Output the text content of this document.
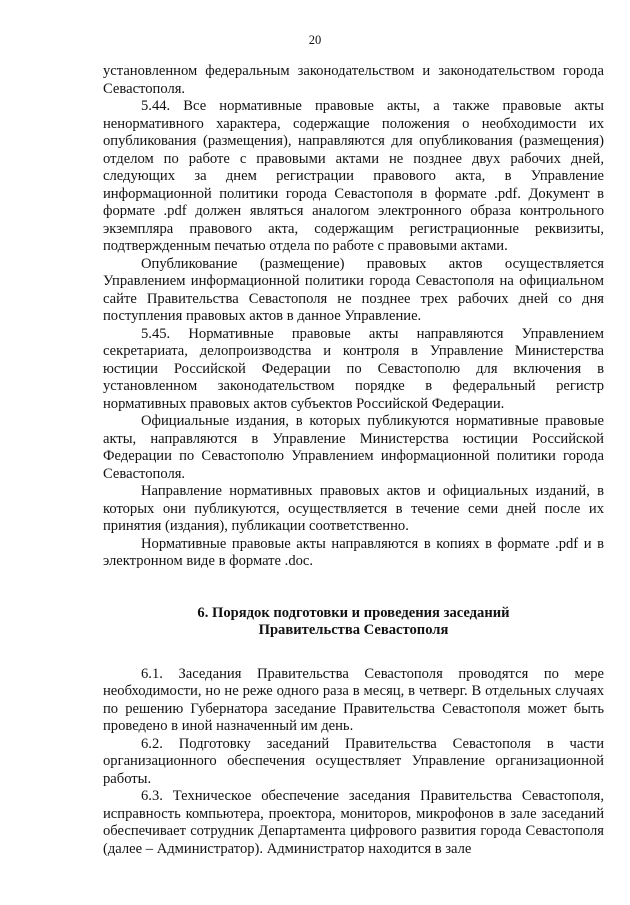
20

установленном федеральным законодательством и законодательством города Севастополя.

5.44. Все нормативные правовые акты, а также правовые акты ненормативного характера, содержащие положения о необходимости их опубликования (размещения), направляются для опубликования (размещения) отделом по работе с правовыми актами не позднее двух рабочих дней, следующих за днем регистрации правового акта, в Управление информационной политики города Севастополя в формате .pdf. Документ в формате .pdf должен являться аналогом электронного образа контрольного экземпляра правового акта, содержащим регистрационные реквизиты, подтвержденным печатью отдела по работе с правовыми актами.

Опубликование (размещение) правовых актов осуществляется Управлением информационной политики города Севастополя на официальном сайте Правительства Севастополя не позднее трех рабочих дней со дня поступления правовых актов в данное Управление.

5.45. Нормативные правовые акты направляются Управлением секретариата, делопроизводства и контроля в Управление Министерства юстиции Российской Федерации по Севастополю для включения в установленном законодательством порядке в федеральный регистр нормативных правовых актов субъектов Российской Федерации.

Официальные издания, в которых публикуются нормативные правовые акты, направляются в Управление Министерства юстиции Российской Федерации по Севастополю Управлением информационной политики города Севастополя.

Направление нормативных правовых актов и официальных изданий, в которых они публикуются, осуществляется в течение семи дней после их принятия (издания), публикации соответственно.

Нормативные правовые акты направляются в копиях в формате .pdf и в электронном виде в формате .doc.

6. Порядок подготовки и проведения заседаний
Правительства Севастополя

6.1. Заседания Правительства Севастополя проводятся по мере необходимости, но не реже одного раза в месяц, в четверг. В отдельных случаях по решению Губернатора заседание Правительства Севастополя может быть проведено в иной назначенный им день.

6.2. Подготовку заседаний Правительства Севастополя в части организационного обеспечения осуществляет Управление организационной работы.

6.3. Техническое обеспечение заседания Правительства Севастополя, исправность компьютера, проектора, мониторов, микрофонов в зале заседаний обеспечивает сотрудник Департамента цифрового развития города Севастополя (далее – Администратор). Администратор находится в зале
